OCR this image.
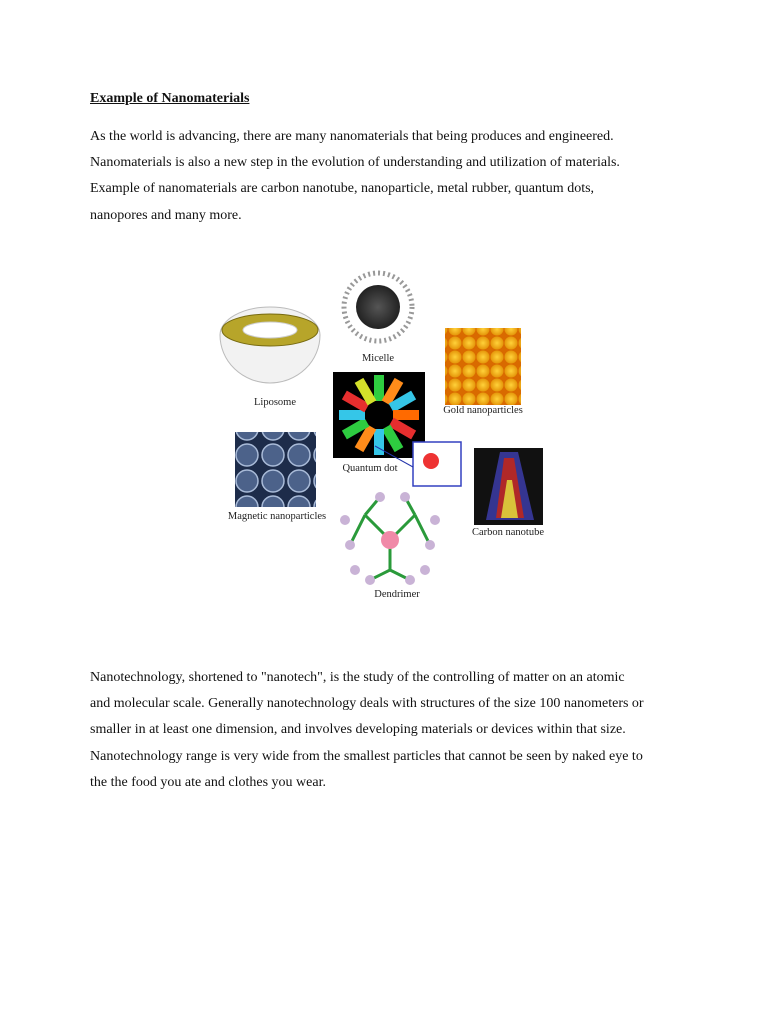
Example of Nanomaterials

As the world is advancing, there are many nanomaterials that being produces and engineered.
Nanomaterials is also a new step in the evolution of understanding and utilization of materials.
Example of nanomaterials are carbon nanotube, nanoparticle, metal rubber, quantum dots,
nanopores and many more.

Liposome
Micelle
Gold nanoparticles
Quantum dot
Magnetic nanoparticles
Carbon nanotube
Dendrimer

Nanotechnology, shortened to "nanotech", is the study of the controlling of matter on an atomic
and molecular scale. Generally nanotechnology deals with structures of the size 100 nanometers or
smaller in at least one dimension, and involves developing materials or devices within that size.
Nanotechnology range is very wide from the smallest particles that cannot be seen by naked eye to
the the food you ate and clothes you wear.
